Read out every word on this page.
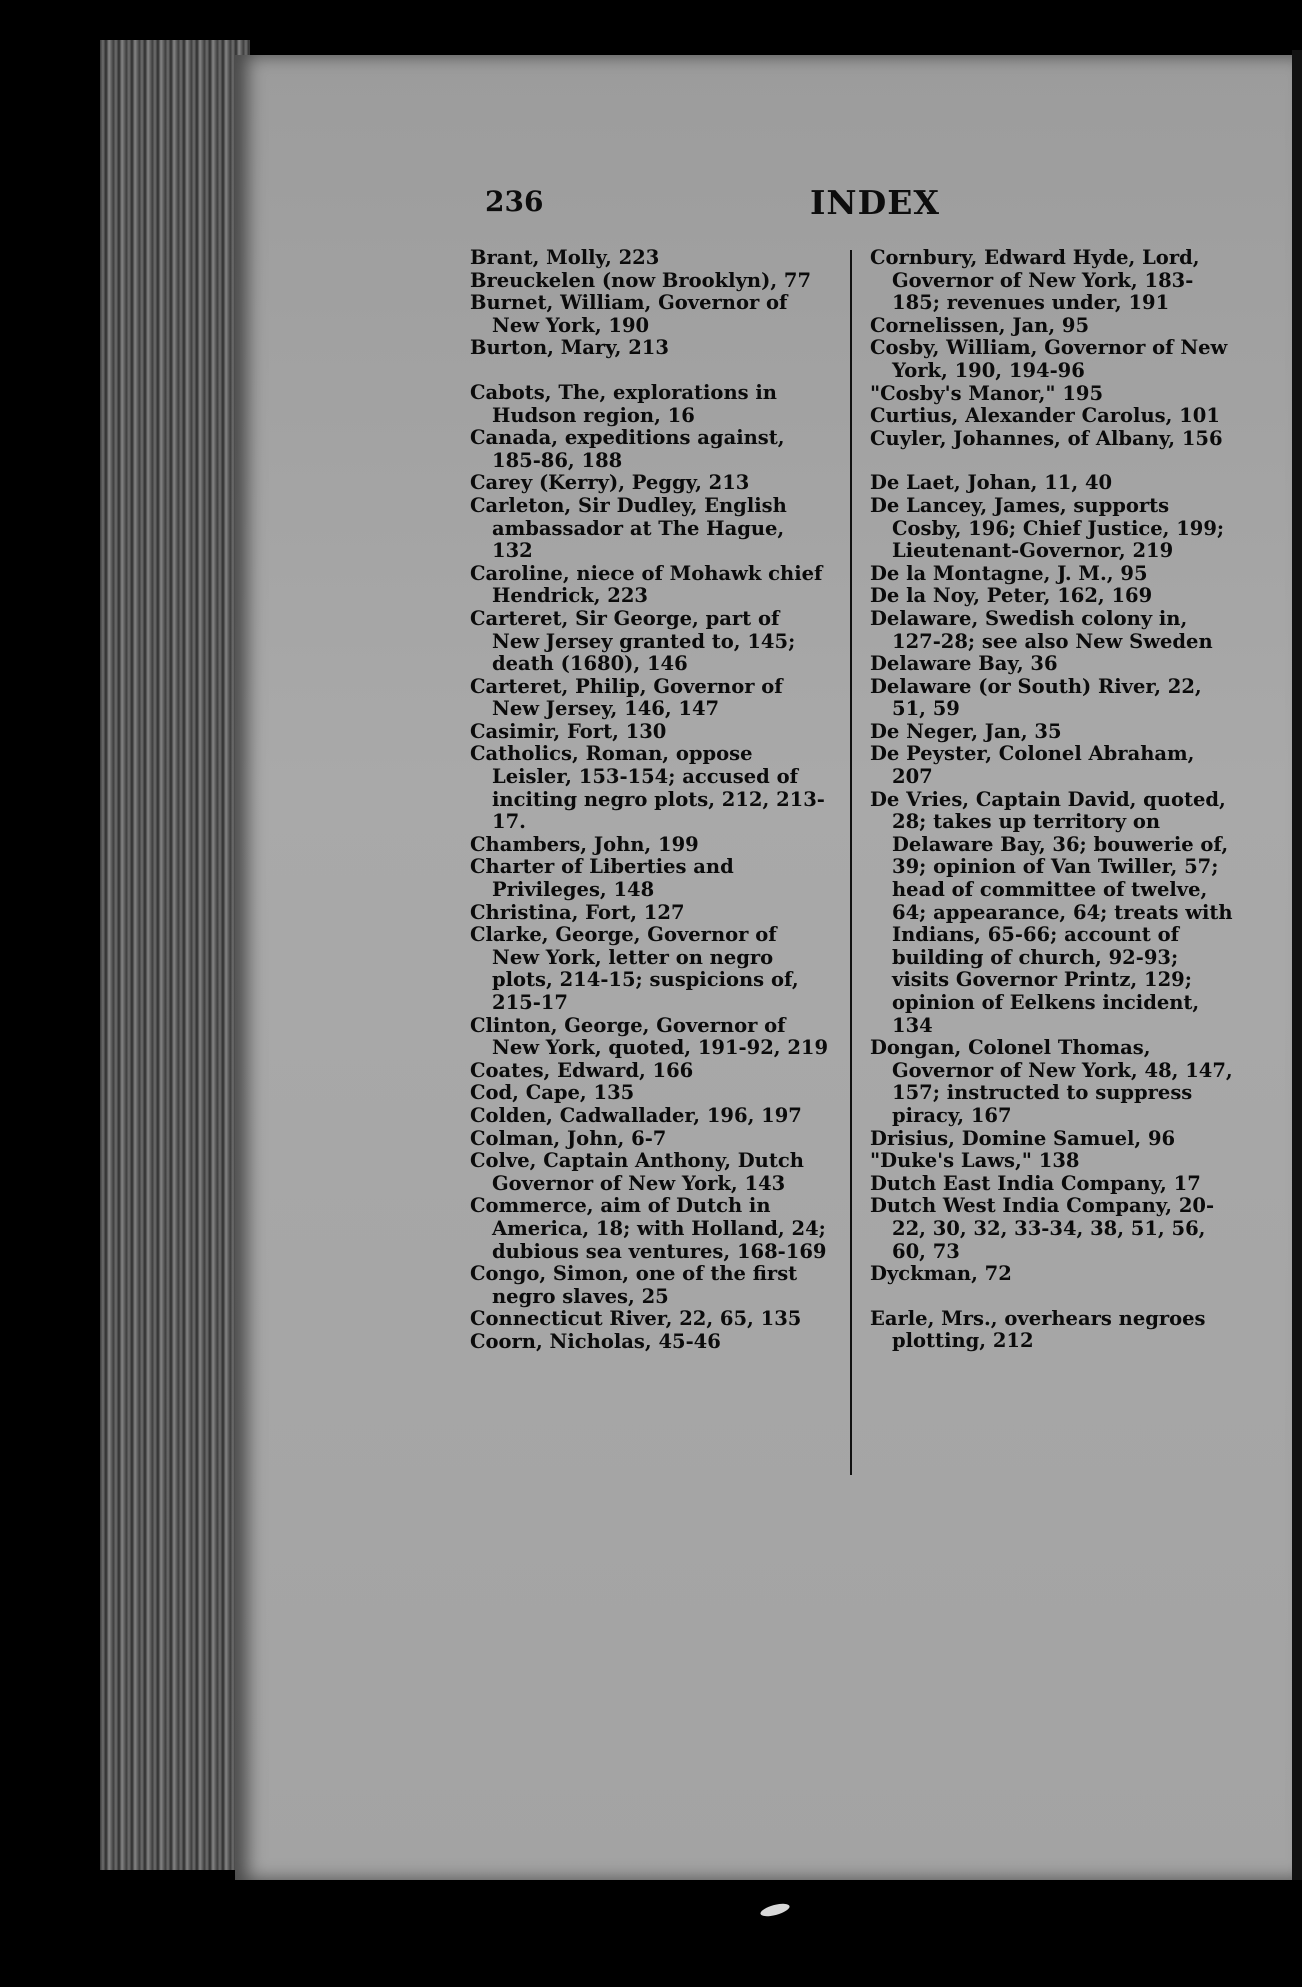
236	INDEX
Brant, Molly, 223
Breuckelen (now Brooklyn), 77
Burnet, William, Governor of New York, 190
Burton, Mary, 213
Cabots, The, explorations in Hudson region, 16
Canada, expeditions against, 185-86, 188
Carey (Kerry), Peggy, 213
Carleton, Sir Dudley, English ambassador at The Hague, 132
Caroline, niece of Mohawk chief Hendrick, 223
Carteret, Sir George, part of New Jersey granted to, 145; death (1680), 146
Carteret, Philip, Governor of New Jersey, 146, 147
Casimir, Fort, 130
Catholics, Roman, oppose Leisler, 153-154; accused of inciting negro plots, 212, 213-17.
Chambers, John, 199
Charter of Liberties and Privileges, 148
Christina, Fort, 127
Clarke, George, Governor of New York, letter on negro plots, 214-15; suspicions of, 215-17
Clinton, George, Governor of New York, quoted, 191-92, 219
Coates, Edward, 166
Cod, Cape, 135
Colden, Cadwallader, 196, 197
Colman, John, 6-7
Colve, Captain Anthony, Dutch Governor of New York, 143
Commerce, aim of Dutch in America, 18; with Holland, 24; dubious sea ventures, 168-169
Congo, Simon, one of the first negro slaves, 25
Connecticut River, 22, 65, 135
Coorn, Nicholas, 45-46
Cornbury, Edward Hyde, Lord, Governor of New York, 183-185; revenues under, 191
Cornelissen, Jan, 95
Cosby, William, Governor of New York, 190, 194-96
"Cosby's Manor," 195
Curtius, Alexander Carolus, 101
Cuyler, Johannes, of Albany, 156
De Laet, Johan, 11, 40
De Lancey, James, supports Cosby, 196; Chief Justice, 199; Lieutenant-Governor, 219
De la Montagne, J. M., 95
De la Noy, Peter, 162, 169
Delaware, Swedish colony in, 127-28; see also New Sweden
Delaware Bay, 36
Delaware (or South) River, 22, 51, 59
De Neger, Jan, 35
De Peyster, Colonel Abraham, 207
De Vries, Captain David, quoted, 28; takes up territory on Delaware Bay, 36; bouwerie of, 39; opinion of Van Twiller, 57; head of committee of twelve, 64; appearance, 64; treats with Indians, 65-66; account of building of church, 92-93; visits Governor Printz, 129; opinion of Eelkens incident, 134
Dongan, Colonel Thomas, Governor of New York, 48, 147, 157; instructed to suppress piracy, 167
Drisius, Domine Samuel, 96
"Duke's Laws," 138
Dutch East India Company, 17
Dutch West India Company, 20-22, 30, 32, 33-34, 38, 51, 56, 60, 73
Dyckman, 72
Earle, Mrs., overhears negroes plotting, 212
